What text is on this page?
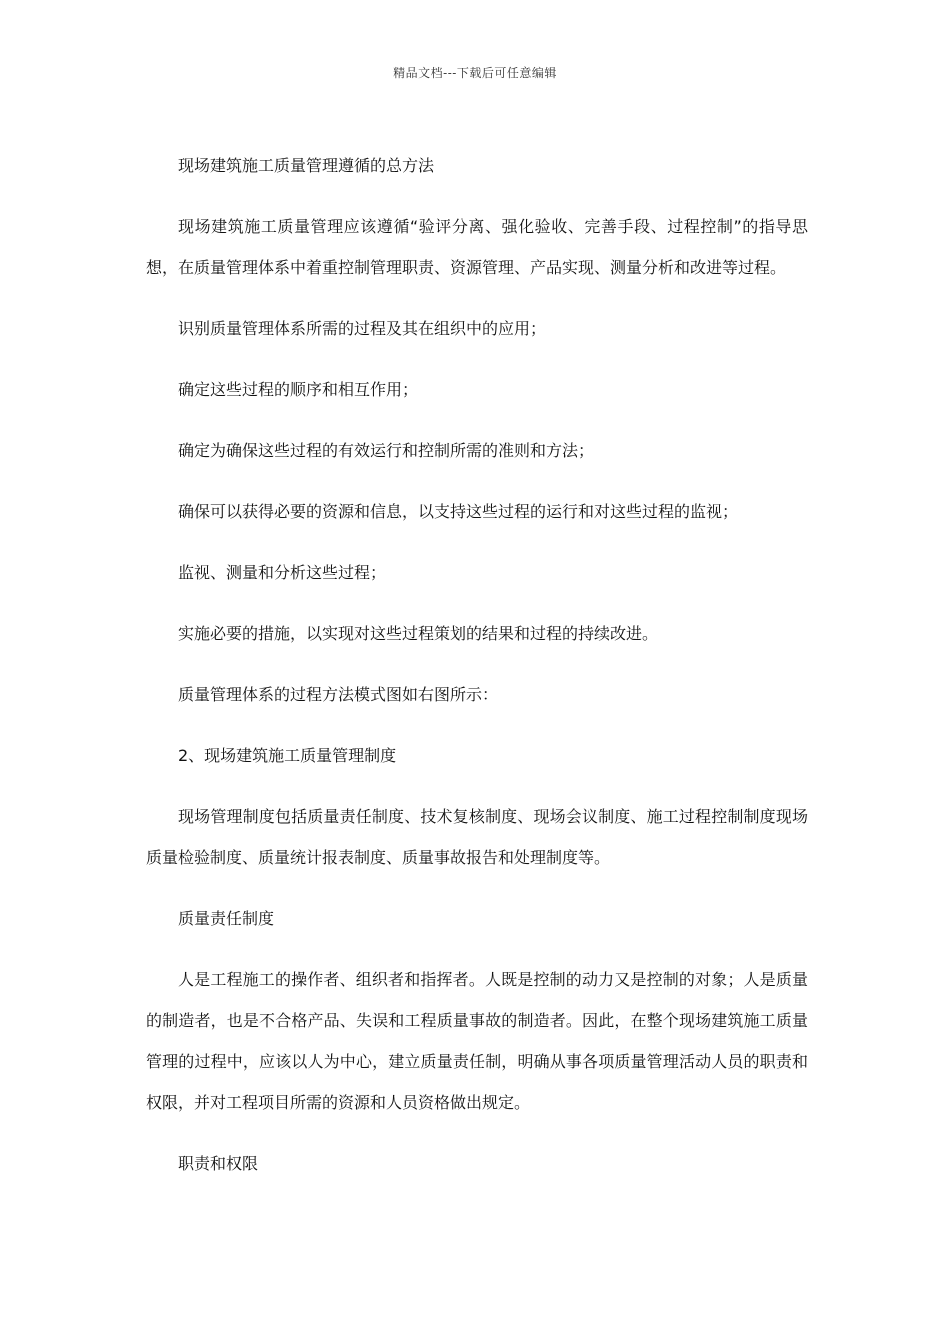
精品文档---下载后可任意编辑

现场建筑施工质量管理遵循的总方法

现场建筑施工质量管理应该遵循“验评分离、强化验收、完善手段、过程控制”的指导思想，在质量管理体系中着重控制管理职责、资源管理、产品实现、测量分析和改进等过程。

识别质量管理体系所需的过程及其在组织中的应用；

确定这些过程的顺序和相互作用；

确定为确保这些过程的有效运行和控制所需的准则和方法；

确保可以获得必要的资源和信息，以支持这些过程的运行和对这些过程的监视；

监视、测量和分析这些过程；

实施必要的措施，以实现对这些过程策划的结果和过程的持续改进。

质量管理体系的过程方法模式图如右图所示：

2、现场建筑施工质量管理制度

现场管理制度包括质量责任制度、技术复核制度、现场会议制度、施工过程控制制度现场质量检验制度、质量统计报表制度、质量事故报告和处理制度等。

质量责任制度

人是工程施工的操作者、组织者和指挥者。人既是控制的动力又是控制的对象；人是质量的制造者，也是不合格产品、失误和工程质量事故的制造者。因此，在整个现场建筑施工质量管理的过程中，应该以人为中心，建立质量责任制，明确从事各项质量管理活动人员的职责和权限，并对工程项目所需的资源和人员资格做出规定。

职责和权限
